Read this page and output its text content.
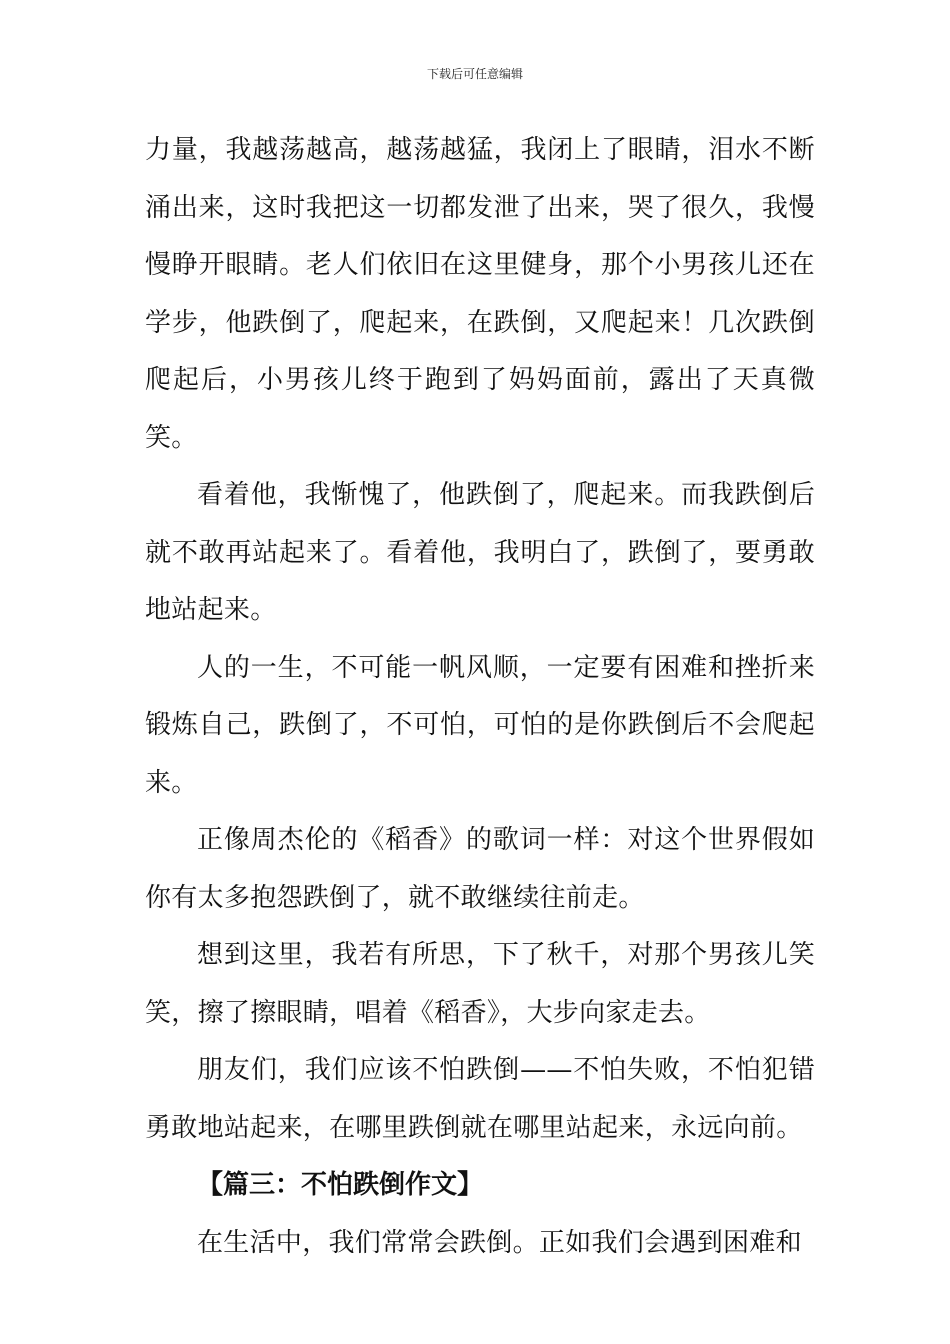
下载后可任意编辑

力量，我越荡越高，越荡越猛，我闭上了眼睛，泪水不断涌出来，这时我把这一切都发泄了出来，哭了很久，我慢慢睁开眼睛。老人们依旧在这里健身，那个小男孩儿还在学步，他跌倒了，爬起来，在跌倒，又爬起来！几次跌倒爬起后，小男孩儿终于跑到了妈妈面前，露出了天真微笑。

看着他，我惭愧了，他跌倒了，爬起来。而我跌倒后就不敢再站起来了。看着他，我明白了，跌倒了，要勇敢地站起来。

人的一生，不可能一帆风顺，一定要有困难和挫折来锻炼自己，跌倒了，不可怕，可怕的是你跌倒后不会爬起来。

正像周杰伦的《稻香》的歌词一样：对这个世界假如你有太多抱怨跌倒了，就不敢继续往前走。

想到这里，我若有所思，下了秋千，对那个男孩儿笑笑，擦了擦眼睛，唱着《稻香》，大步向家走去。

朋友们，我们应该不怕跌倒——不怕失败，不怕犯错勇敢地站起来，在哪里跌倒就在哪里站起来，永远向前。

【篇三：不怕跌倒作文】

在生活中，我们常常会跌倒。正如我们会遇到困难和
